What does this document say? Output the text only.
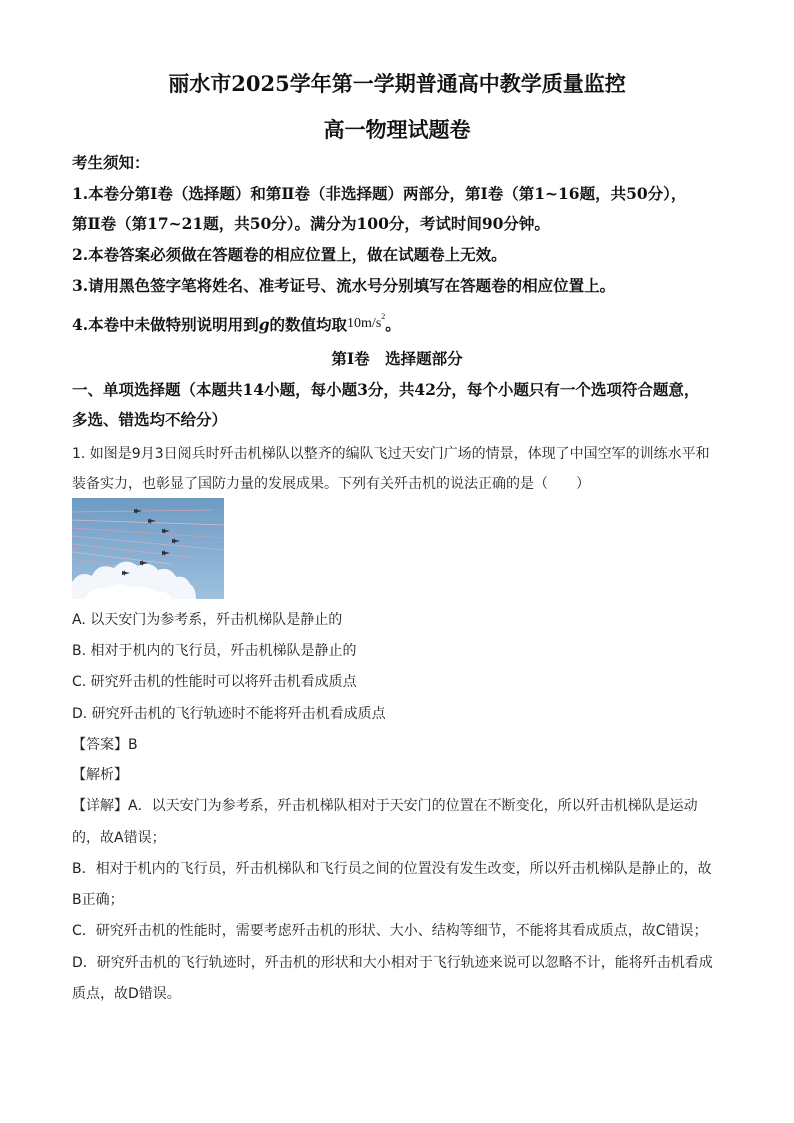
丽水市2025学年第一学期普通高中教学质量监控
高一物理试题卷
考生须知：
1.本卷分第Ⅰ卷（选择题）和第Ⅱ卷（非选择题）两部分，第Ⅰ卷（第1~16题，共50分），
第Ⅱ卷（第17~21题，共50分）。满分为100分，考试时间90分钟。
2.本卷答案必须做在答题卷的相应位置上，做在试题卷上无效。
3.请用黑色签字笔将姓名、准考证号、流水号分别填写在答题卷的相应位置上。
4.本卷中未做特别说明用到g的数值均取$10m/s^2$。
第Ⅰ卷　选择题部分
一、单项选择题（本题共14小题，每小题3分，共42分，每个小题只有一个选项符合题意，
多选、错选均不给分）
1. 如图是9月3日阅兵时歼击机梯队以整齐的编队飞过天安门广场的情景，体现了中国空军的训练水平和
装备实力，也彰显了国防力量的发展成果。下列有关歼击机的说法正确的是（　　）
A. 以天安门为参考系，歼击机梯队是静止的
B. 相对于机内的飞行员，歼击机梯队是静止的
C. 研究歼击机的性能时可以将歼击机看成质点
D. 研究歼击机的飞行轨迹时不能将歼击机看成质点
【答案】B
【解析】
【详解】A．以天安门为参考系，歼击机梯队相对于天安门的位置在不断变化，所以歼击机梯队是运动
的，故A错误；
B．相对于机内的飞行员，歼击机梯队和飞行员之间的位置没有发生改变，所以歼击机梯队是静止的，故
B正确；
C．研究歼击机的性能时，需要考虑歼击机的形状、大小、结构等细节，不能将其看成质点，故C错误；
D．研究歼击机的飞行轨迹时，歼击机的形状和大小相对于飞行轨迹来说可以忽略不计，能将歼击机看成
质点，故D错误。
